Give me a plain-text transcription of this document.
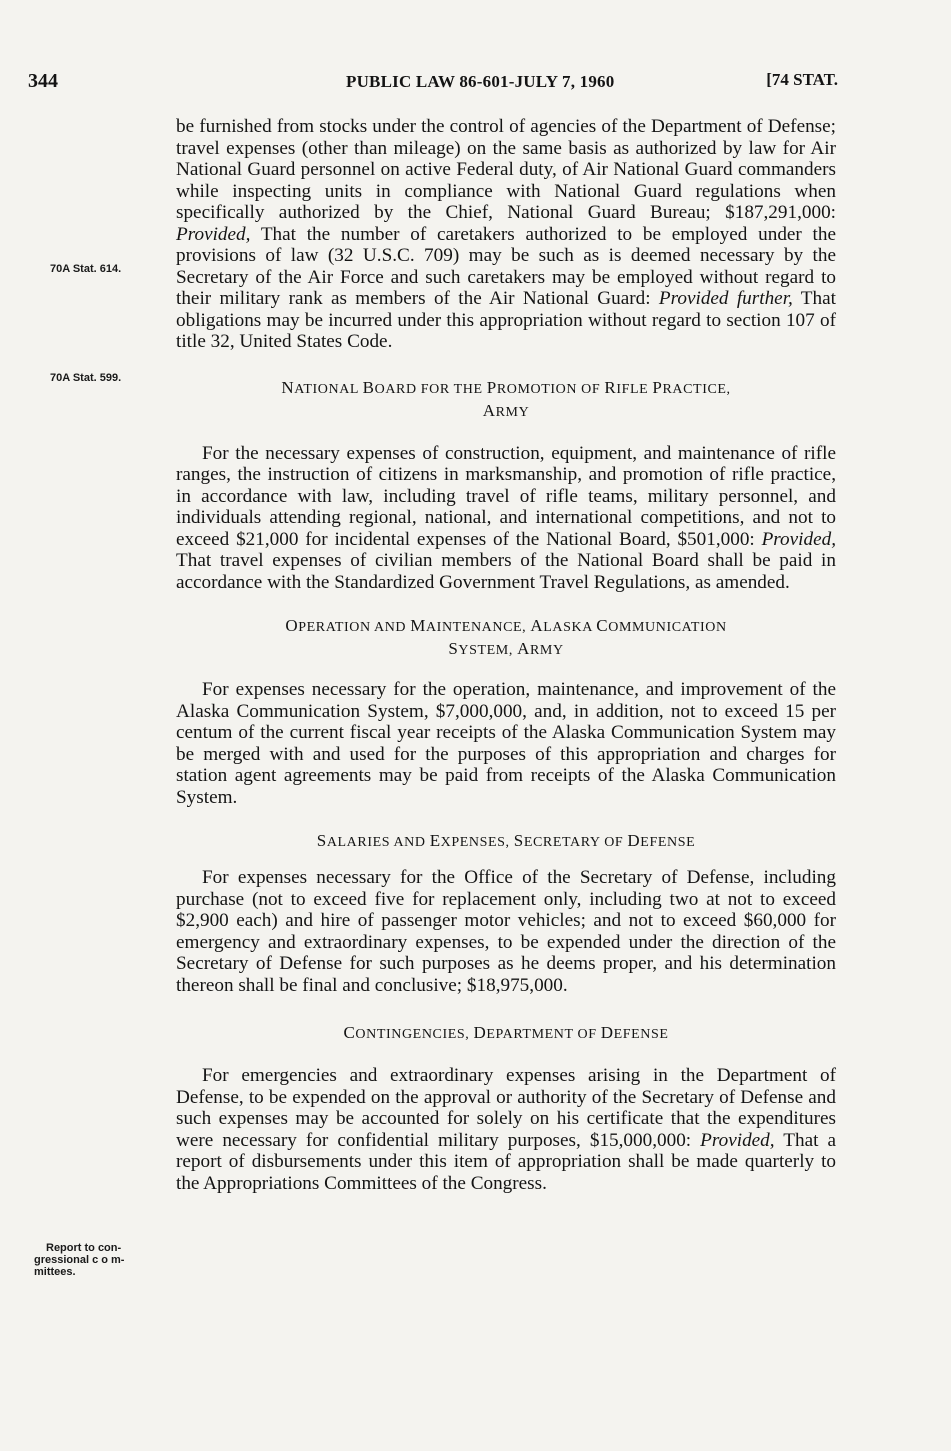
344	PUBLIC LAW 86-601-JULY 7, 1960	[74 STAT.
70A Stat. 614.
70A Stat. 599.
Report to con-
gressional c o m-
mittees.

be furnished from stocks under the control of agencies of the Department of Defense; travel expenses (other than mileage) on the same basis as authorized by law for Air National Guard personnel on active Federal duty, of Air National Guard commanders while inspecting units in compliance with National Guard regulations when specifically authorized by the Chief, National Guard Bureau; $187,291,000: Provided, That the number of caretakers authorized to be employed under the provisions of law (32 U.S.C. 709) may be such as is deemed necessary by the Secretary of the Air Force and such caretakers may be employed without regard to their military rank as members of the Air National Guard: Provided further, That obligations may be incurred under this appropriation without regard to section 107 of title 32, United States Code.

NATIONAL BOARD FOR THE PROMOTION OF RIFLE PRACTICE,
ARMY

For the necessary expenses of construction, equipment, and maintenance of rifle ranges, the instruction of citizens in marksmanship, and promotion of rifle practice, in accordance with law, including travel of rifle teams, military personnel, and individuals attending regional, national, and international competitions, and not to exceed $21,000 for incidental expenses of the National Board, $501,000: Provided, That travel expenses of civilian members of the National Board shall be paid in accordance with the Standardized Government Travel Regulations, as amended.

OPERATION AND MAINTENANCE, ALASKA COMMUNICATION
SYSTEM, ARMY

For expenses necessary for the operation, maintenance, and improvement of the Alaska Communication System, $7,000,000, and, in addition, not to exceed 15 per centum of the current fiscal year receipts of the Alaska Communication System may be merged with and used for the purposes of this appropriation and charges for station agent agreements may be paid from receipts of the Alaska Communication System.

SALARIES AND EXPENSES, SECRETARY OF DEFENSE

For expenses necessary for the Office of the Secretary of Defense, including purchase (not to exceed five for replacement only, including two at not to exceed $2,900 each) and hire of passenger motor vehicles; and not to exceed $60,000 for emergency and extraordinary expenses, to be expended under the direction of the Secretary of Defense for such purposes as he deems proper, and his determination thereon shall be final and conclusive; $18,975,000.

CONTINGENCIES, DEPARTMENT OF DEFENSE

For emergencies and extraordinary expenses arising in the Department of Defense, to be expended on the approval or authority of the Secretary of Defense and such expenses may be accounted for solely on his certificate that the expenditures were necessary for confidential military purposes, $15,000,000: Provided, That a report of disbursements under this item of appropriation shall be made quarterly to the Appropriations Committees of the Congress.
